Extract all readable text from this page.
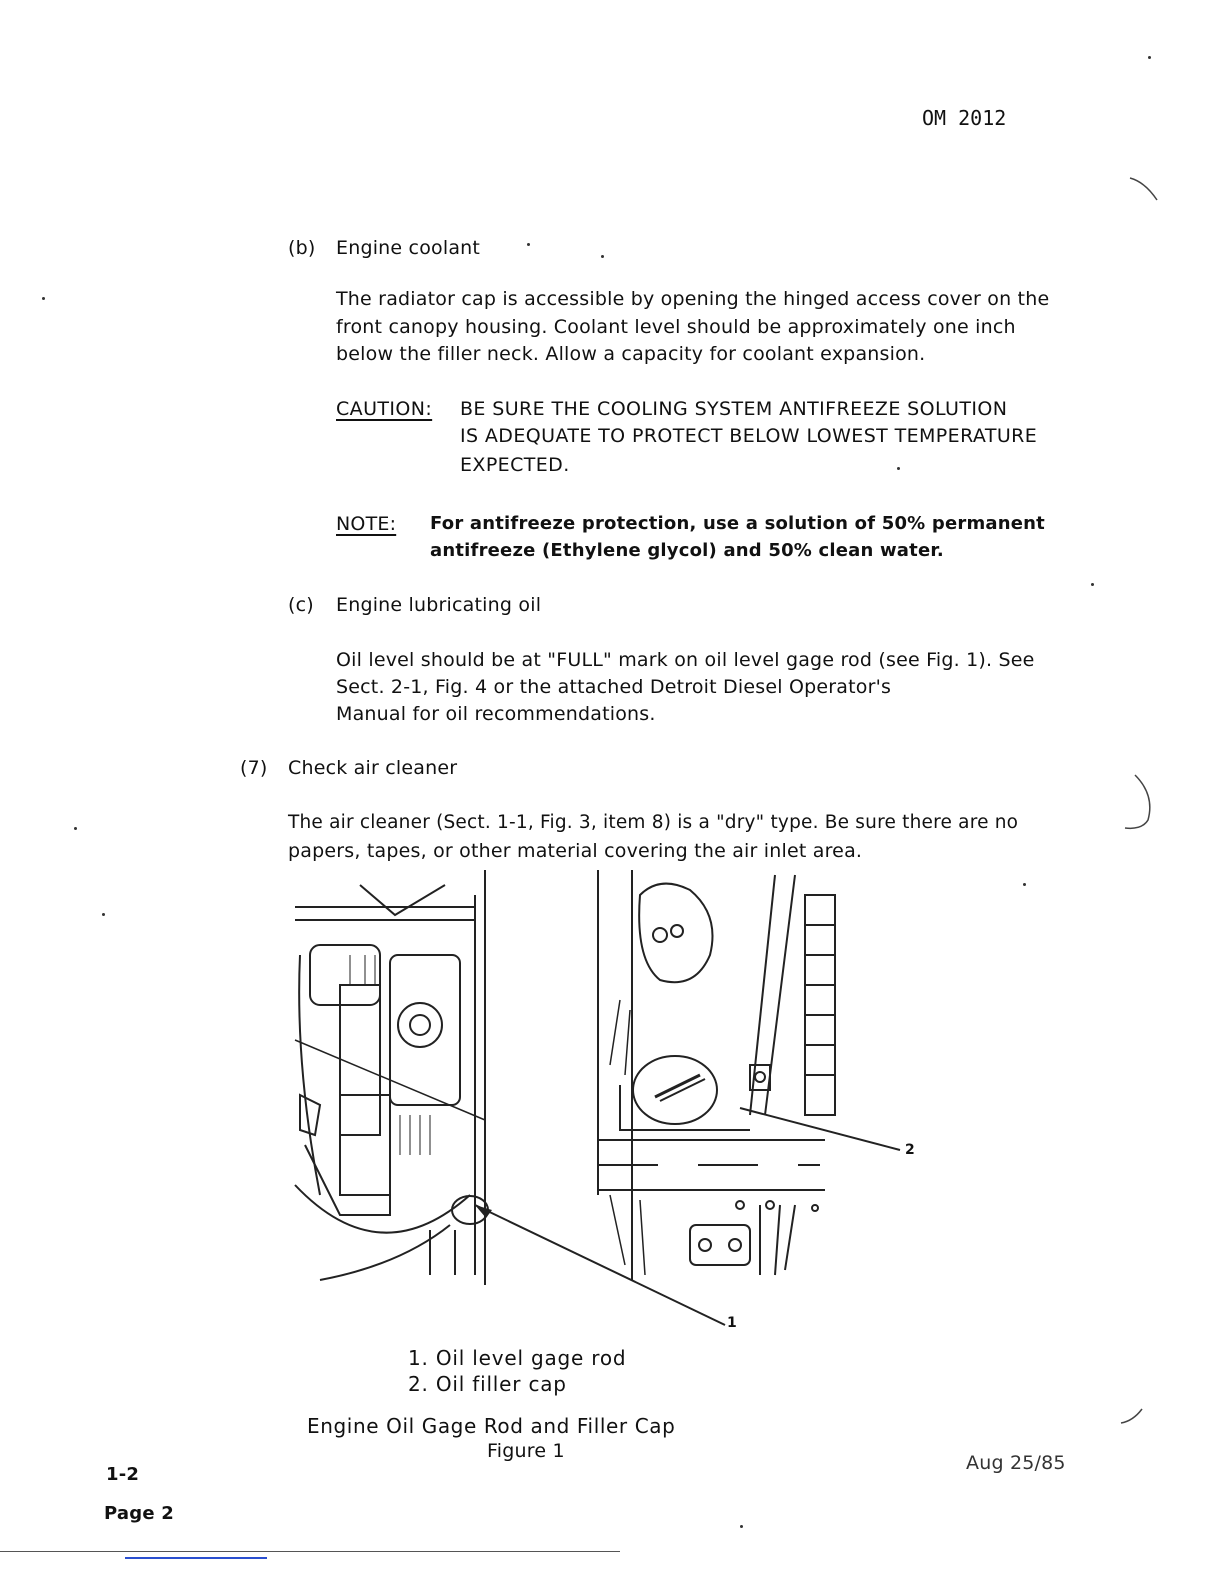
OM 2012
(b) Engine coolant
The radiator cap is accessible by opening the hinged access cover on the
front canopy housing. Coolant level should be approximately one inch
below the filler neck. Allow a capacity for coolant expansion.
CAUTION: BE SURE THE COOLING SYSTEM ANTIFREEZE SOLUTION
IS ADEQUATE TO PROTECT BELOW LOWEST TEMPERATURE
EXPECTED.
NOTE: For antifreeze protection, use a solution of 50% permanent
antifreeze (Ethylene glycol) and 50% clean water.
(c) Engine lubricating oil
Oil level should be at "FULL" mark on oil level gage rod (see Fig. 1). See
Sect. 2-1, Fig. 4 or the attached Detroit Diesel Operator's
Manual for oil recommendations.
(7) Check air cleaner
The air cleaner (Sect. 1-1, Fig. 3, item 8) is a "dry" type. Be sure there are no
papers, tapes, or other material covering the air inlet area.
1
2
1. Oil level gage rod
2. Oil filler cap
Engine Oil Gage Rod and Filler Cap
Figure 1
Aug 25/85
1-2
Page 2
